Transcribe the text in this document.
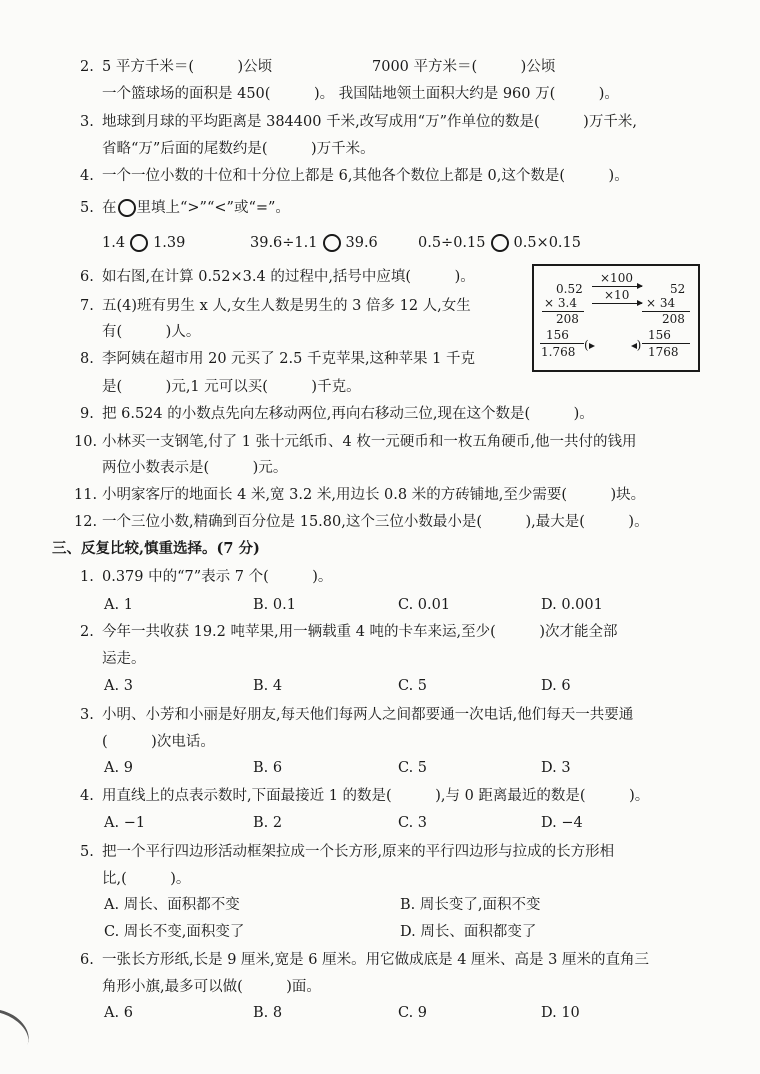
2. 5 平方千米＝(　　　)公顷	7000 平方米＝(　　　)公顷
一个篮球场的面积是 450(　　　)。 我国陆地领土面积大约是 960 万(　　　)。
3. 地球到月球的平均距离是 384400 千米,改写成用“万”作单位的数是(　　　)万千米,
省略“万”后面的尾数约是(　　　)万千米。
4. 一个一位小数的十位和十分位上都是 6,其他各个数位上都是 0,这个数是(　　　)。
5. 在 里填上“>”“<”或“=”。
1.4 1.39	39.6÷1.1 39.6	0.5÷0.15 0.5×0.15
6. 如右图,在计算 0.52×3.4 的过程中,括号中应填(　　　)。
7. 五(4)班有男生 x 人,女生人数是男生的 3 倍多 12 人,女生
有(　　　)人。
8. 李阿姨在超市用 20 元买了 2.5 千克苹果,这种苹果 1 千克
是(　　　)元,1 元可以买(　　　)千克。
0.52
× 3.4
208
156
1.768
×100
×10	52
× 34
208
156
1768
(　　　　)
9. 把 6.524 的小数点先向左移动两位,再向右移动三位,现在这个数是(　　　)。
10. 小林买一支钢笔,付了 1 张十元纸币、4 枚一元硬币和一枚五角硬币,他一共付的钱用
两位小数表示是(　　　)元。
11. 小明家客厅的地面长 4 米,宽 3.2 米,用边长 0.8 米的方砖铺地,至少需要(　　　)块。
12. 一个三位小数,精确到百分位是 15.80,这个三位小数最小是(　　　),最大是(　　　)。
三、反复比较,慎重选择。(7 分)
1. 0.379 中的“7”表示 7 个(　　　)。
A. 1	B. 0.1	C. 0.01	D. 0.001
2. 今年一共收获 19.2 吨苹果,用一辆载重 4 吨的卡车来运,至少(　　　)次才能全部
运走。
A. 3	B. 4	C. 5	D. 6
3. 小明、小芳和小丽是好朋友,每天他们每两人之间都要通一次电话,他们每天一共要通
(　　　)次电话。
A. 9	B. 6	C. 5	D. 3
4. 用直线上的点表示数时,下面最接近 1 的数是(　　　),与 0 距离最近的数是(　　　)。
A. −1	B. 2	C. 3	D. −4
5. 把一个平行四边形活动框架拉成一个长方形,原来的平行四边形与拉成的长方形相
比,(　　　)。
A. 周长、面积都不变	B. 周长变了,面积不变
C. 周长不变,面积变了	D. 周长、面积都变了
6. 一张长方形纸,长是 9 厘米,宽是 6 厘米。用它做成底是 4 厘米、高是 3 厘米的直角三
角形小旗,最多可以做(　　　)面。
A. 6	B. 8	C. 9	D. 10
